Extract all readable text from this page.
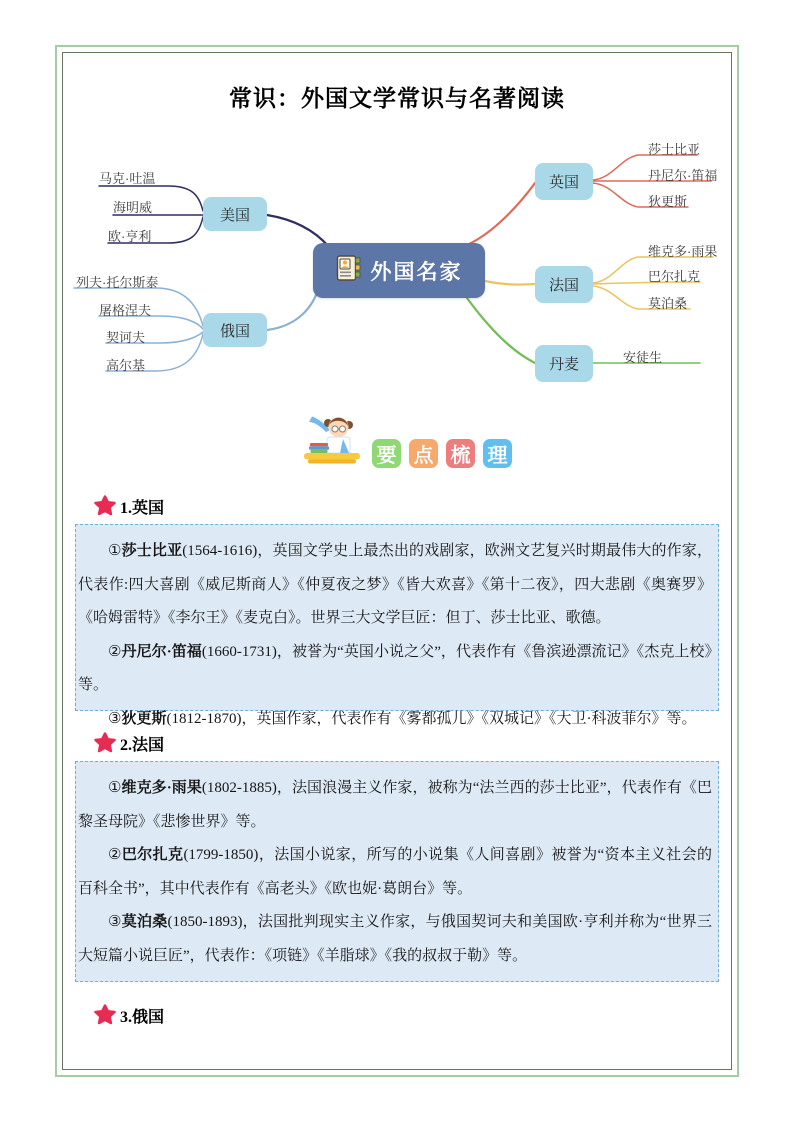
常识：外国文学常识与名著阅读
美国
俄国
英国
法国
丹麦
外国名家
马克·吐温
海明威
欧·亨利
列夫·托尔斯泰
屠格涅夫
契诃夫
高尔基
莎士比亚
丹尼尔·笛福
狄更斯
维克多·雨果
巴尔扎克
莫泊桑
安徒生
要 点 梳 理
1.英国

①莎士比亚(1564-1616)，英国文学史上最杰出的戏剧家，欧洲文艺复兴时期最伟大的作家，代表作:四大喜剧《威尼斯商人》《仲夏夜之梦》《皆大欢喜》《第十二夜》，四大悲剧《奥赛罗》《哈姆雷特》《李尔王》《麦克白》。世界三大文学巨匠：但丁、莎士比亚、歌德。

②丹尼尔·笛福(1660-1731)，被誉为“英国小说之父”，代表作有《鲁滨逊漂流记》《杰克上校》等。

③狄更斯(1812-1870)，英国作家，代表作有《雾都孤儿》《双城记》《大卫·科波菲尔》等。

2.法国

①维克多·雨果(1802-1885)，法国浪漫主义作家，被称为“法兰西的莎士比亚”，代表作有《巴黎圣母院》《悲惨世界》等。

②巴尔扎克(1799-1850)，法国小说家，所写的小说集《人间喜剧》被誉为“资本主义社会的百科全书”，其中代表作有《高老头》《欧也妮·葛朗台》等。

③莫泊桑(1850-1893)，法国批判现实主义作家，与俄国契诃夫和美国欧·亨利并称为“世界三大短篇小说巨匠”，代表作：《项链》《羊脂球》《我的叔叔于勒》等。

3.俄国
